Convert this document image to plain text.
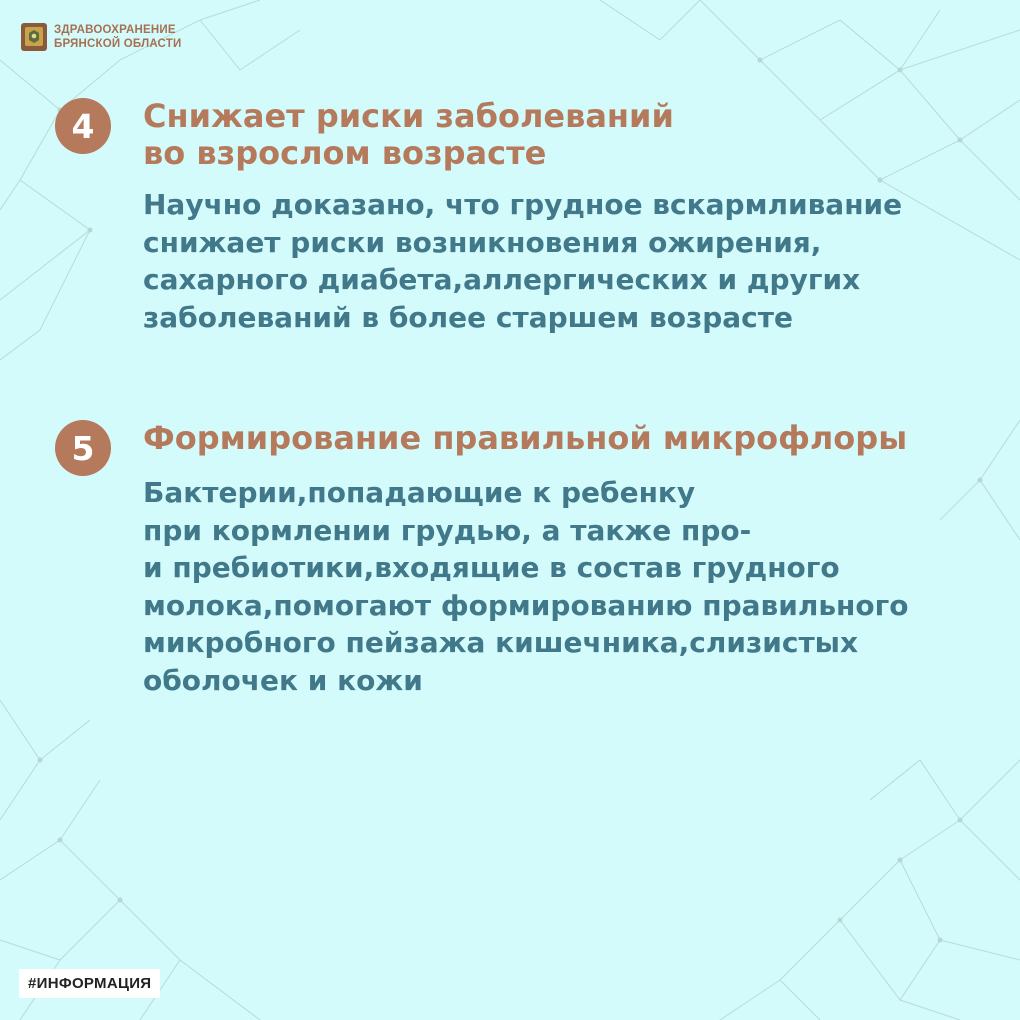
ЗДРАВООХРАНЕНИЕ
БРЯНСКОЙ ОБЛАСТИ
4	Снижает риски заболеваний
во взрослом возрасте
Научно доказано, что грудное вскармливание
снижает риски возникновения ожирения,
сахарного диабета,аллергических и других
заболеваний в более старшем возрасте
5	Формирование правильной микрофлоры
Бактерии,попадающие к ребенку
при кормлении грудью, а также про-
и пребиотики,входящие в состав грудного
молока,помогают формированию правильного
микробного пейзажа кишечника,слизистых
оболочек и кожи
#ИНФОРМАЦИЯ
